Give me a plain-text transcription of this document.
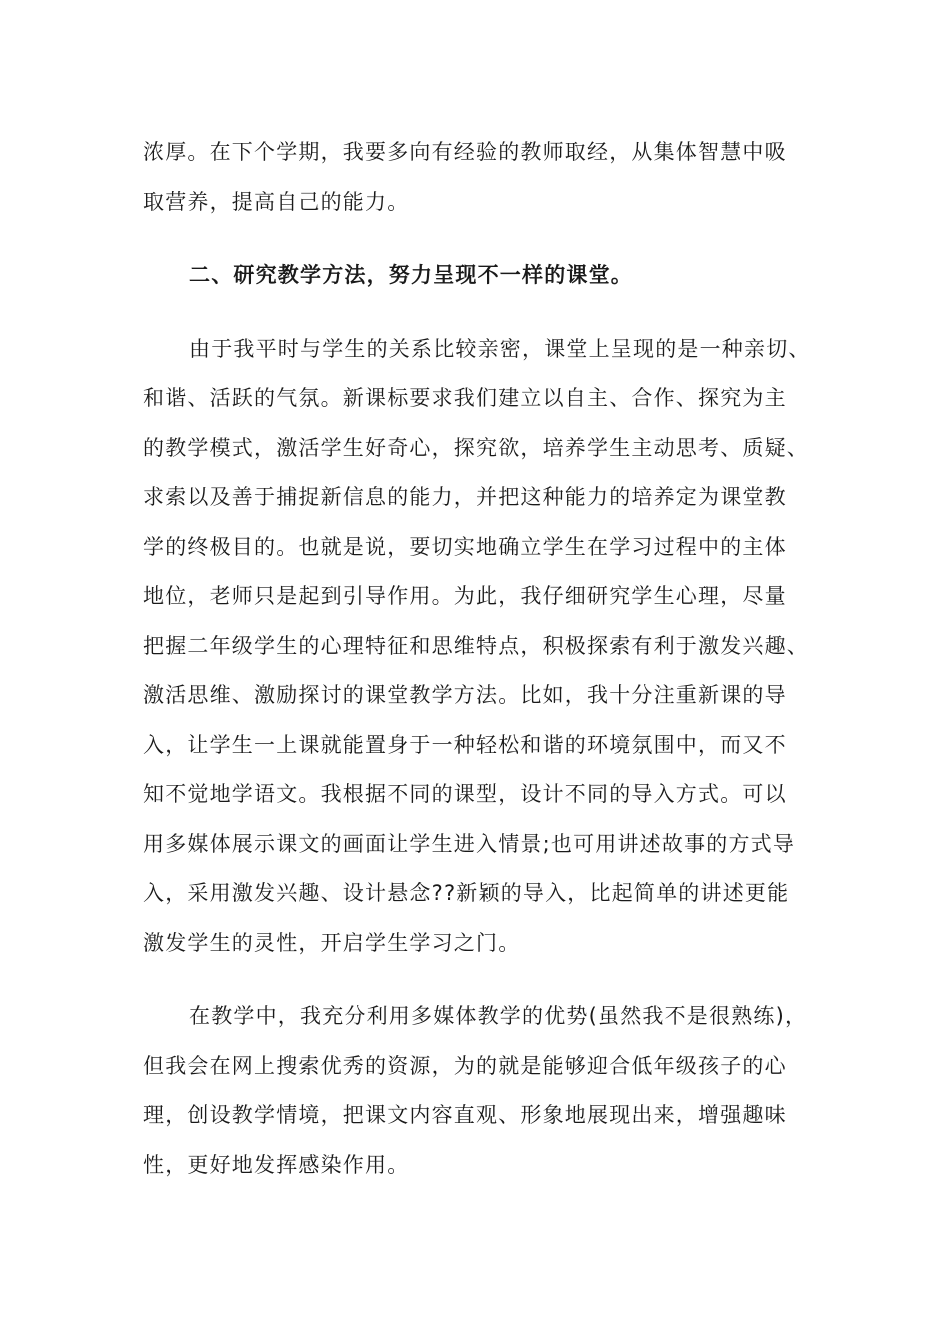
浓厚。在下个学期，我要多向有经验的教师取经，从集体智慧中吸
取营养，提高自己的能力。
二、研究教学方法，努力呈现不一样的课堂。
由于我平时与学生的关系比较亲密，课堂上呈现的是一种亲切、
和谐、活跃的气氛。新课标要求我们建立以自主、合作、探究为主
的教学模式，激活学生好奇心，探究欲，培养学生主动思考、质疑、
求索以及善于捕捉新信息的能力，并把这种能力的培养定为课堂教
学的终极目的。也就是说，要切实地确立学生在学习过程中的主体
地位，老师只是起到引导作用。为此，我仔细研究学生心理，尽量
把握二年级学生的心理特征和思维特点，积极探索有利于激发兴趣、
激活思维、激励探讨的课堂教学方法。比如，我十分注重新课的导
入，让学生一上课就能置身于一种轻松和谐的环境氛围中，而又不
知不觉地学语文。我根据不同的课型，设计不同的导入方式。可以
用多媒体展示课文的画面让学生进入情景;也可用讲述故事的方式导
入，采用激发兴趣、设计悬念??新颖的导入，比起简单的讲述更能
激发学生的灵性，开启学生学习之门。
在教学中，我充分利用多媒体教学的优势(虽然我不是很熟练)，
但我会在网上搜索优秀的资源，为的就是能够迎合低年级孩子的心
理，创设教学情境，把课文内容直观、形象地展现出来，增强趣味
性，更好地发挥感染作用。
